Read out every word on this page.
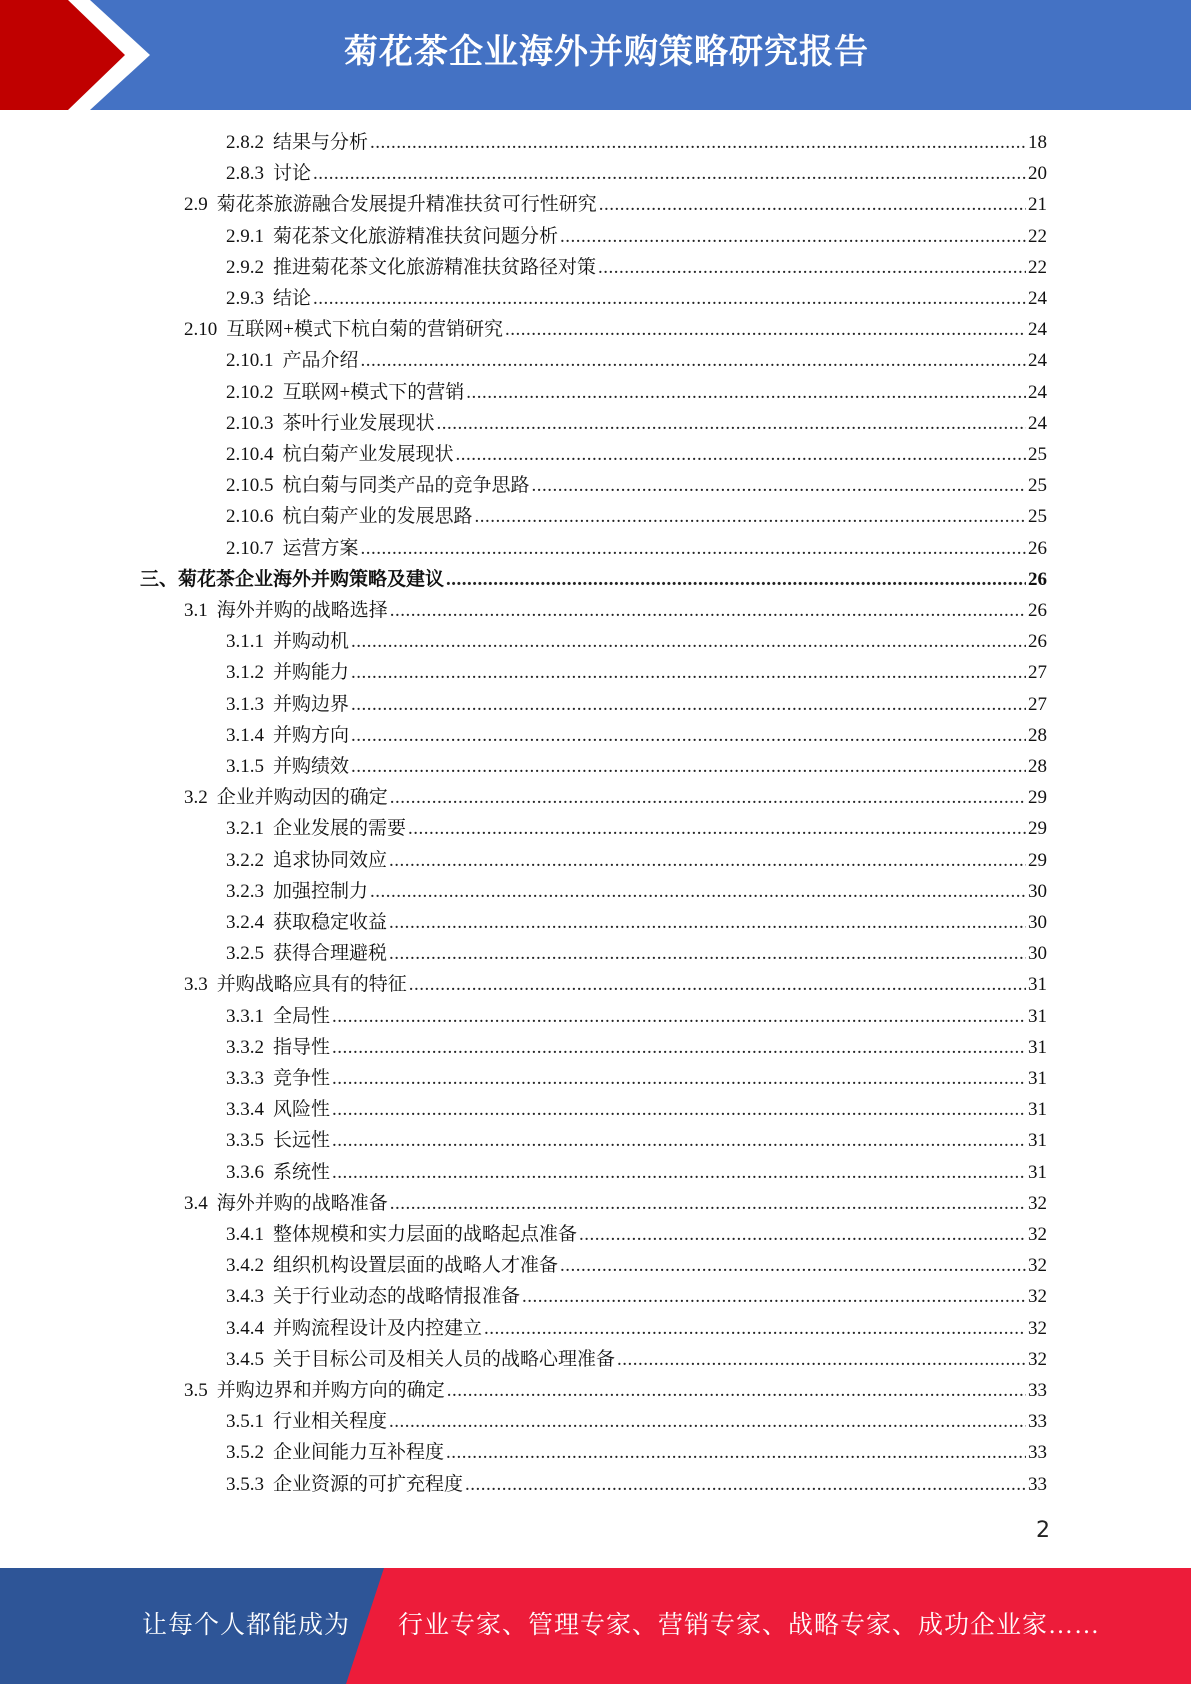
菊花茶企业海外并购策略研究报告
2.8.2 结果与分析 .....	18
2.8.3 讨论 .....	20
2.9 菊花茶旅游融合发展提升精准扶贫可行性研究 .....	21
2.9.1 菊花茶文化旅游精准扶贫问题分析 .....	22
2.9.2 推进菊花茶文化旅游精准扶贫路径对策 .....	22
2.9.3 结论 .....	24
2.10 互联网+模式下杭白菊的营销研究 .....	24
2.10.1 产品介绍 .....	24
2.10.2 互联网+模式下的营销 .....	24
2.10.3 茶叶行业发展现状 .....	24
2.10.4 杭白菊产业发展现状 .....	25
2.10.5 杭白菊与同类产品的竞争思路 .....	25
2.10.6 杭白菊产业的发展思路 .....	25
2.10.7 运营方案 .....	26
三、菊花茶企业海外并购策略及建议 .....	26
3.1 海外并购的战略选择 .....	26
3.1.1 并购动机 .....	26
3.1.2 并购能力 .....	27
3.1.3 并购边界 .....	27
3.1.4 并购方向 .....	28
3.1.5 并购绩效 .....	28
3.2 企业并购动因的确定 .....	29
3.2.1 企业发展的需要 .....	29
3.2.2 追求协同效应 .....	29
3.2.3 加强控制力 .....	30
3.2.4 获取稳定收益 .....	30
3.2.5 获得合理避税 .....	30
3.3 并购战略应具有的特征 .....	31
3.3.1 全局性 .....	31
3.3.2 指导性 .....	31
3.3.3 竞争性 .....	31
3.3.4 风险性 .....	31
3.3.5 长远性 .....	31
3.3.6 系统性 .....	31
3.4 海外并购的战略准备 .....	32
3.4.1 整体规模和实力层面的战略起点准备 .....	32
3.4.2 组织机构设置层面的战略人才准备 .....	32
3.4.3 关于行业动态的战略情报准备 .....	32
3.4.4 并购流程设计及内控建立 .....	32
3.4.5 关于目标公司及相关人员的战略心理准备 .....	32
3.5 并购边界和并购方向的确定 .....	33
3.5.1 行业相关程度 .....	33
3.5.2 企业间能力互补程度 .....	33
3.5.3 企业资源的可扩充程度 .....	33
2
让每个人都能成为 行业专家、管理专家、营销专家、战略专家、成功企业家……
